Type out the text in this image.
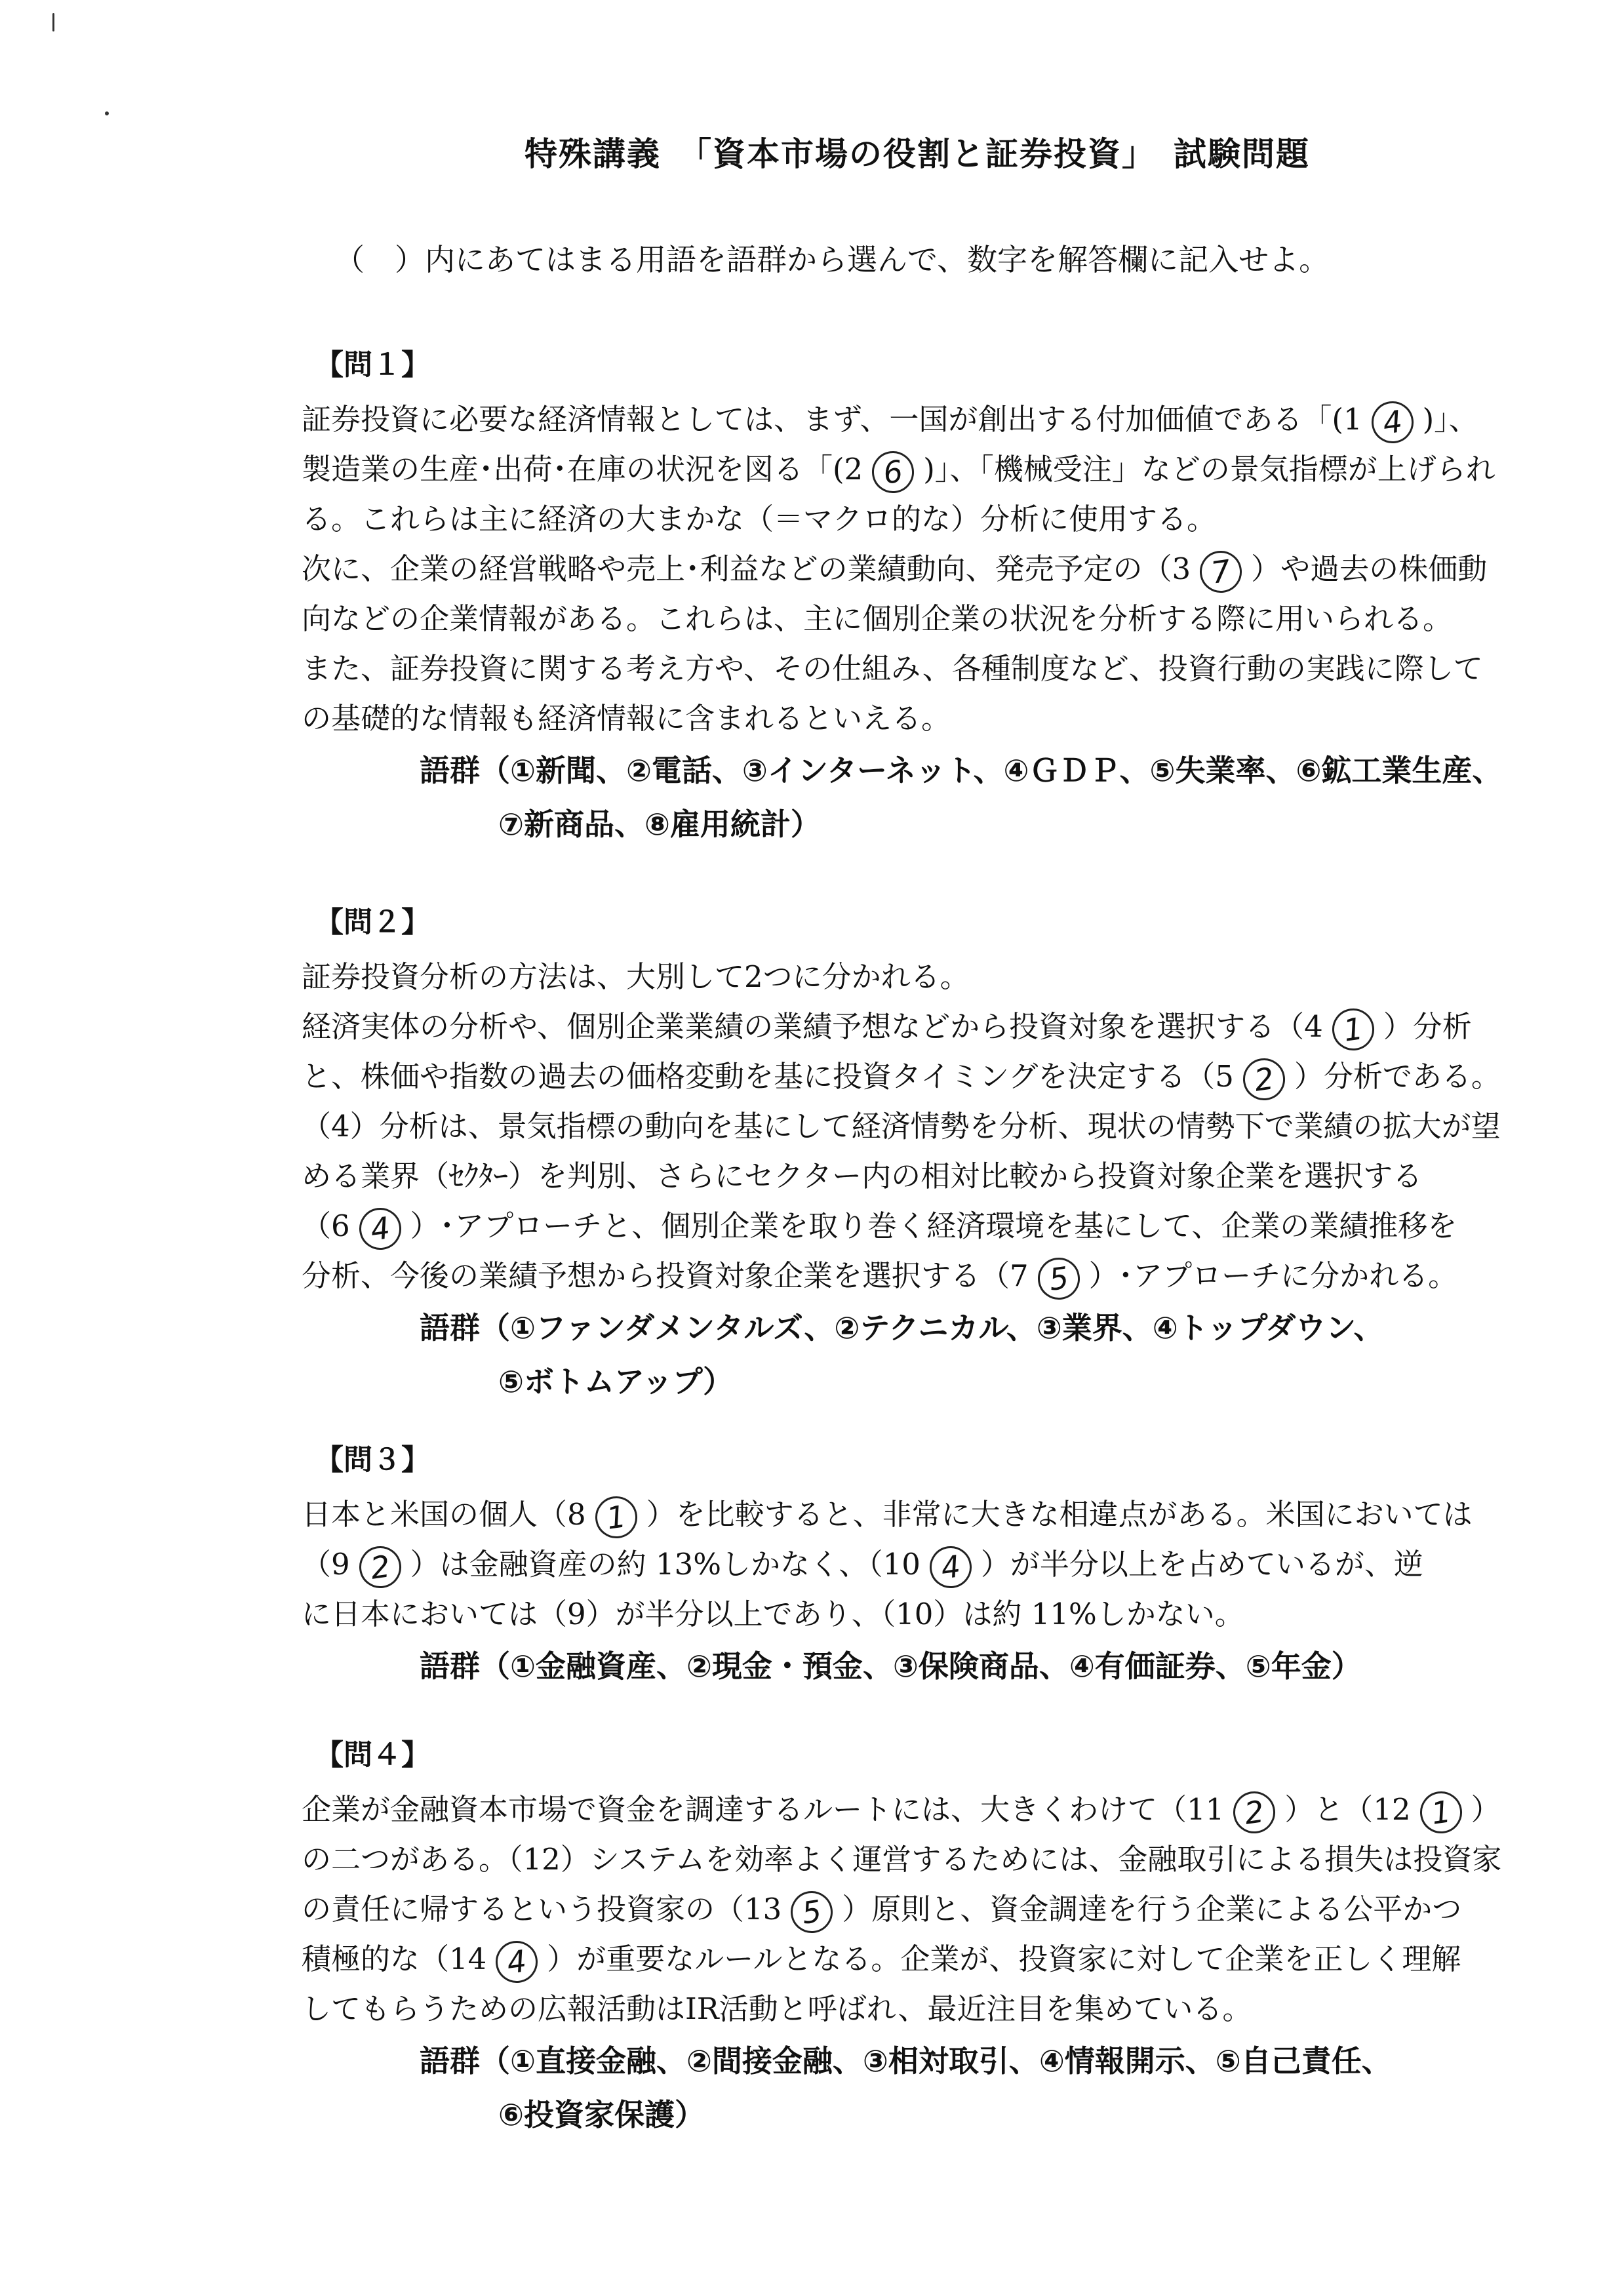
特殊講義　「資本市場の役割と証券投資」　試験問題
（　）内にあてはまる用語を語群から選んで、数字を解答欄に記入せよ。
【問１】
証券投資に必要な経済情報としては、まず、一国が創出する付加価値である「(1 4 )」、
製造業の生産･出荷･在庫の状況を図る「(2 6 )」、「機械受注」などの景気指標が上げられ
る。これらは主に経済の大まかな（＝マクロ的な）分析に使用する。
次に、企業の経営戦略や売上･利益などの業績動向、発売予定の（3 7 ）や過去の株価動
向などの企業情報がある。これらは、主に個別企業の状況を分析する際に用いられる。
また、証券投資に関する考え方や、その仕組み、各種制度など、投資行動の実践に際して
の基礎的な情報も経済情報に含まれるといえる。
語群（①新聞、②電話、③インターネット、④ＧＤＰ、⑤失業率、⑥鉱工業生産、
⑦新商品、⑧雇用統計）
【問２】
証券投資分析の方法は、大別して2つに分かれる。
経済実体の分析や、個別企業業績の業績予想などから投資対象を選択する（4 1 ）分析
と、株価や指数の過去の価格変動を基に投資タイミングを決定する（5 2 ）分析である。
（4）分析は、景気指標の動向を基にして経済情勢を分析、現状の情勢下で業績の拡大が望
める業界（ｾｸﾀｰ）を判別、さらにセクター内の相対比較から投資対象企業を選択する
（6 4 ）･アプローチと、個別企業を取り巻く経済環境を基にして、企業の業績推移を
分析、今後の業績予想から投資対象企業を選択する（7 5 ）･アプローチに分かれる。
語群（①ファンダメンタルズ、②テクニカル、③業界、④トップダウン、
⑤ボトムアップ）
【問３】
日本と米国の個人（8 1 ）を比較すると、非常に大きな相違点がある。米国においては
（9 2 ）は金融資産の約 13%しかなく、（10 4 ）が半分以上を占めているが、逆
に日本においては（9）が半分以上であり、（10）は約 11%しかない。
語群（①金融資産、②現金・預金、③保険商品、④有価証券、⑤年金）
【問４】
企業が金融資本市場で資金を調達するルートには、大きくわけて（11 2 ）と（12 1 ）
の二つがある。（12）システムを効率よく運営するためには、金融取引による損失は投資家
の責任に帰するという投資家の（13 5 ）原則と、資金調達を行う企業による公平かつ
積極的な（14 4 ）が重要なルールとなる。企業が、投資家に対して企業を正しく理解
してもらうための広報活動はIR活動と呼ばれ、最近注目を集めている。
語群（①直接金融、②間接金融、③相対取引、④情報開示、⑤自己責任、
⑥投資家保護）
